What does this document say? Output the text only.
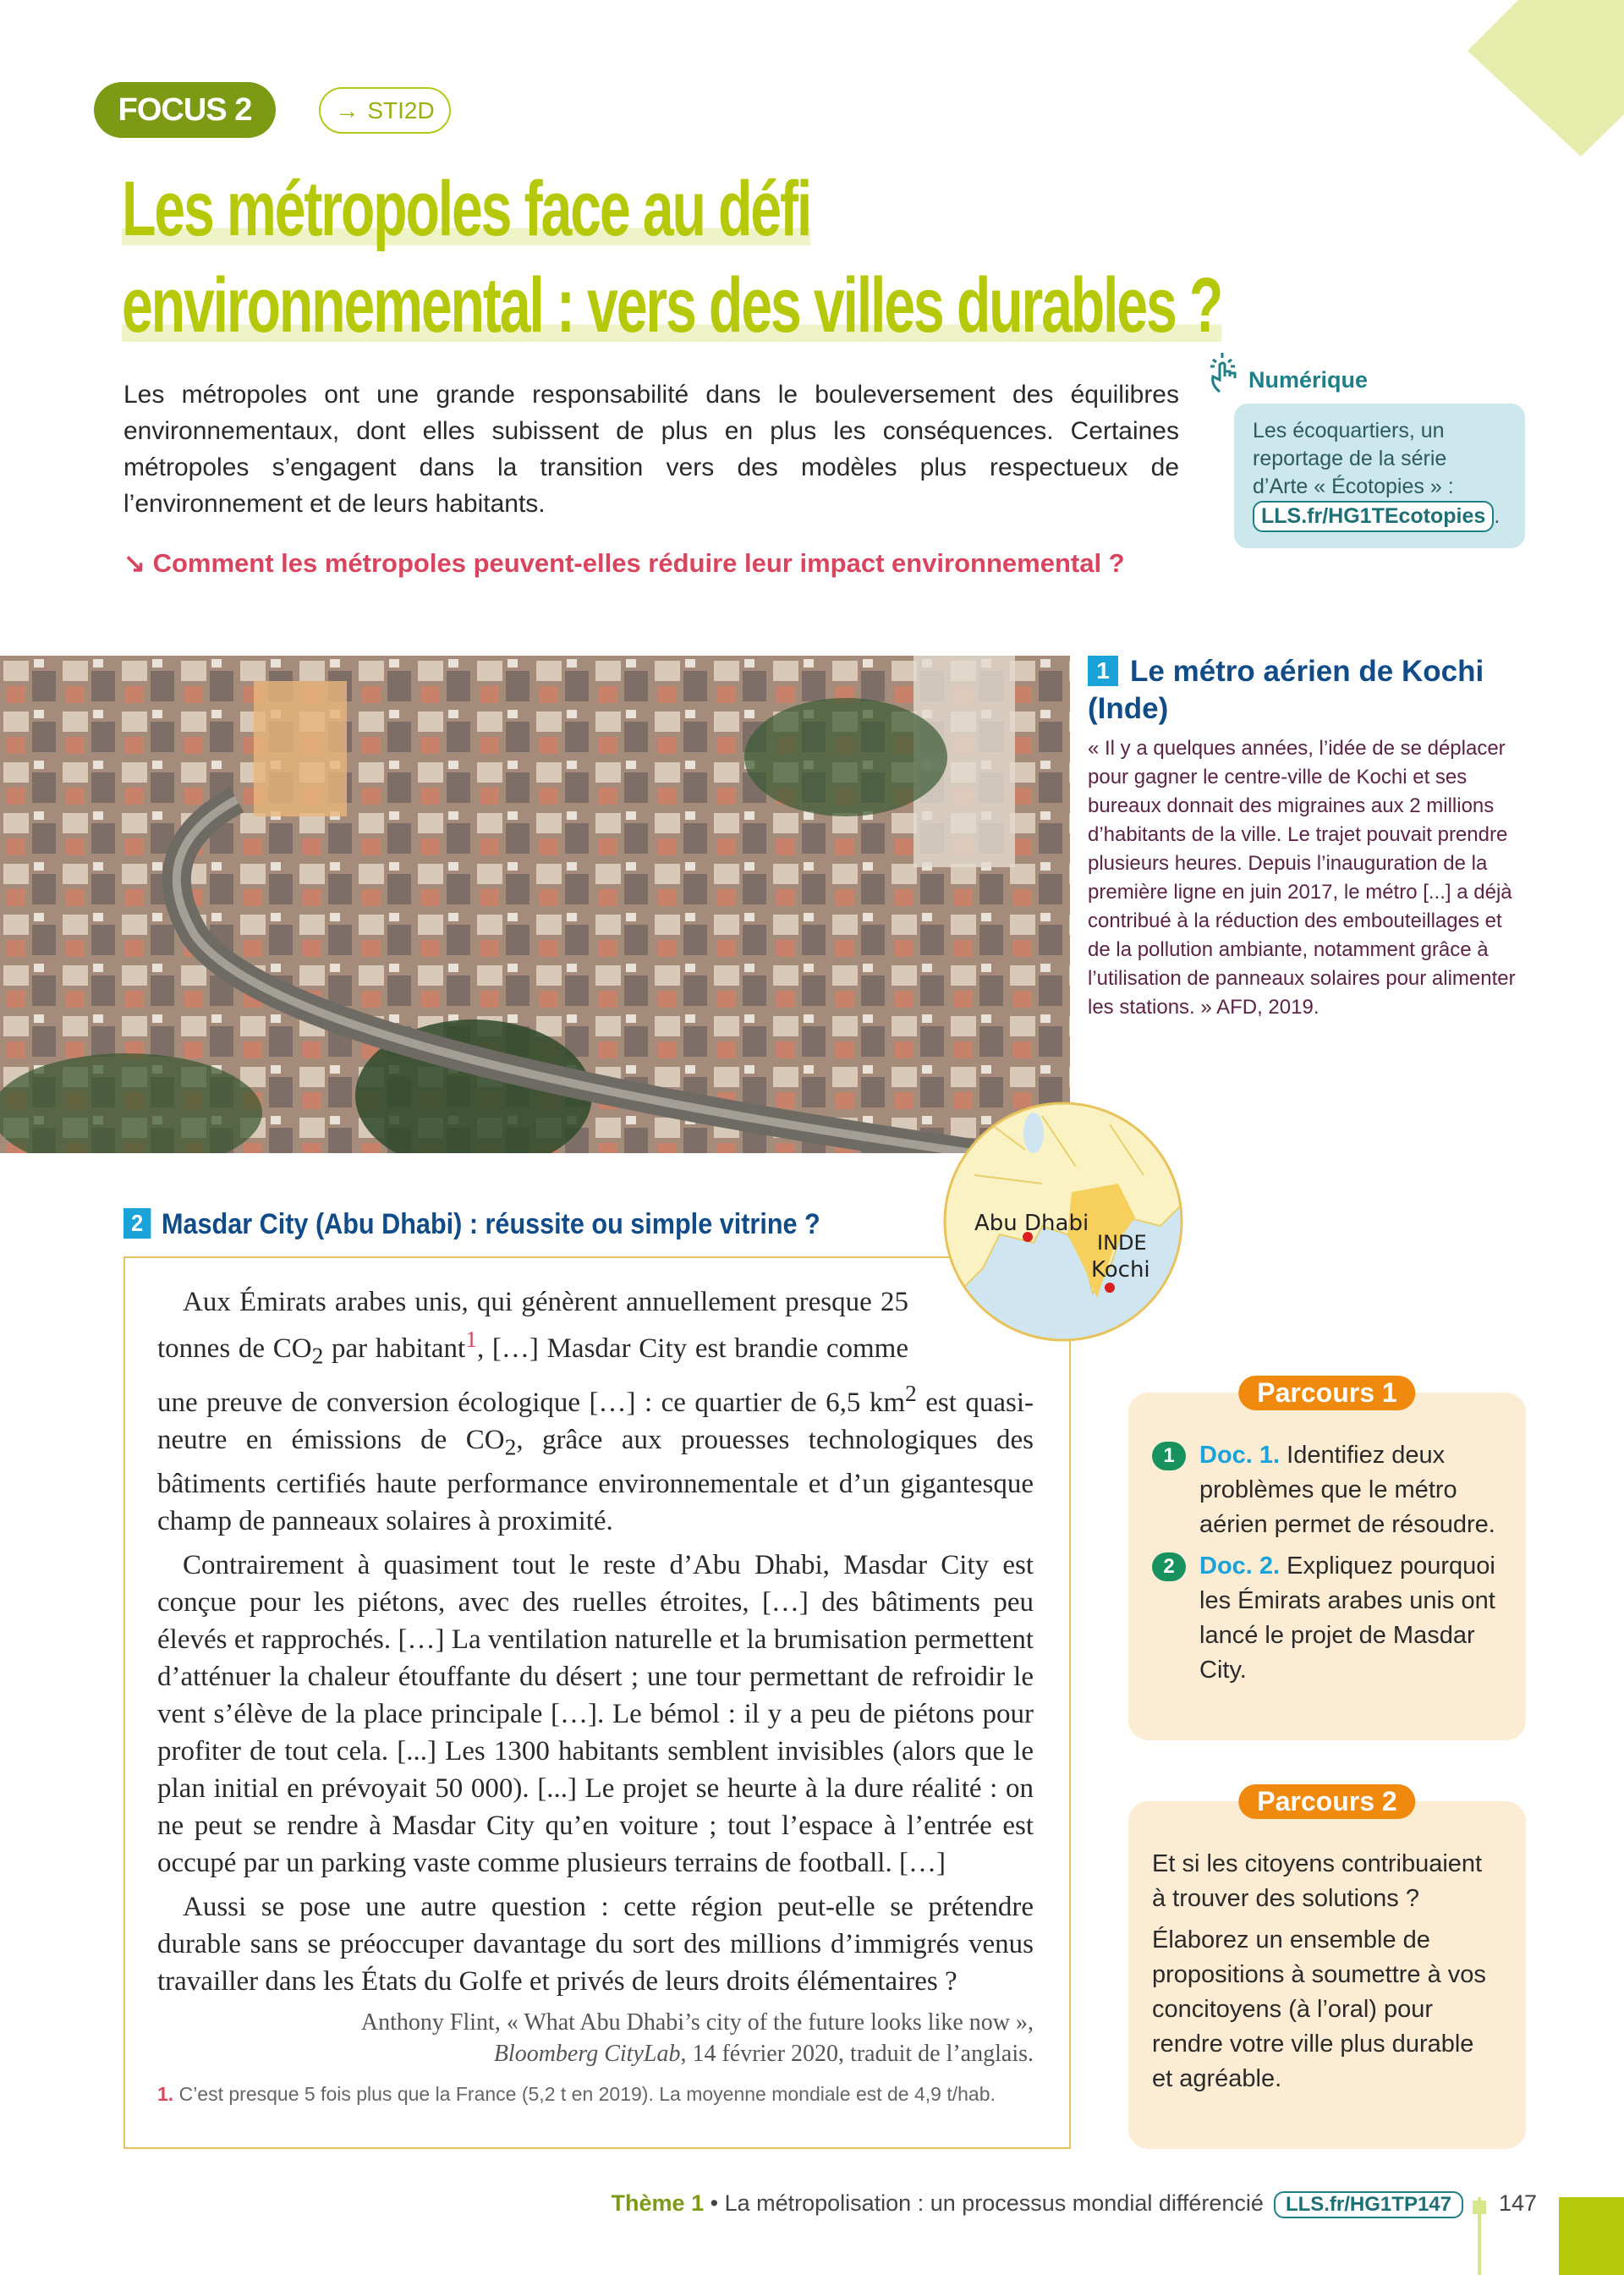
FOCUS 2	→ STI2D
Les métropoles face au défi
environnemental : vers des villes durables ?
Les métropoles ont une grande responsabilité dans le bouleversement des équilibres environnementaux, dont elles subissent de plus en plus les conséquences. Certaines métropoles s’engagent dans la transition vers des modèles plus respectueux de l’environnement et de leurs habitants.
↘ Comment les métropoles peuvent-elles réduire leur impact environnemental ?
Numérique
Les écoquartiers, un reportage de la série d’Arte « Écotopies » :
LLS.fr/HG1TEcotopies .
1 Le métro aérien de Kochi (Inde)
« Il y a quelques années, l’idée de se déplacer pour gagner le centre-ville de Kochi et ses bureaux donnait des migraines aux 2 millions d’habitants de la ville. Le trajet pouvait prendre plusieurs heures. Depuis l’inauguration de la première ligne en juin 2017, le métro [...] a déjà contribué à la réduction des embouteillages et de la pollution ambiante, notamment grâce à l’utilisation de panneaux solaires pour alimenter les stations. » AFD, 2019.
2 Masdar City (Abu Dhabi) : réussite ou simple vitrine ?

Aux Émirats arabes unis, qui génèrent annuellement presque 25 tonnes de $CO_2$ par habitant$^1$, […] Masdar City est brandie comme une preuve de conversion écologique […] : ce quartier de 6,5 $km^2$ est quasi-neutre en émissions de $CO_2$, grâce aux prouesses technologiques des bâtiments certifiés haute performance environnementale et d’un gigantesque champ de panneaux solaires à proximité.

Contrairement à quasiment tout le reste d’Abu Dhabi, Masdar City est conçue pour les piétons, avec des ruelles étroites, […] des bâtiments peu élevés et rapprochés. […] La ventilation naturelle et la brumisation permettent d’atténuer la chaleur étouffante du désert ; une tour permettant de refroidir le vent s’élève de la place principale […]. Le bémol : il y a peu de piétons pour profiter de tout cela. [...] Les 1300 habitants semblent invisibles (alors que le plan initial en prévoyait 50 000). [...] Le projet se heurte à la dure réalité : on ne peut se rendre à Masdar City qu’en voiture ; tout l’espace à l’entrée est occupé par un parking vaste comme plusieurs terrains de football. […]

Aussi se pose une autre question : cette région peut-elle se prétendre durable sans se préoccuper davantage du sort des millions d’immigrés venus travailler dans les États du Golfe et privés de leurs droits élémentaires ?

Anthony Flint, « What Abu Dhabi’s city of the future looks like now »,
Bloomberg CityLab, 14 février 2020, traduit de l’anglais.

1. C’est presque 5 fois plus que la France (5,2 t en 2019). La moyenne mondiale est de 4,9 t/hab.

Abu Dhabi
INDE
Kochi
Parcours 1
1	Doc. 1. Identifiez deux problèmes que le métro aérien permet de résoudre.
2	Doc. 2. Expliquez pourquoi les Émirats arabes unis ont lancé le projet de Masdar City.
Parcours 2

Et si les citoyens contribuaient à trouver des solutions ?

Élaborez un ensemble de propositions à soumettre à vos concitoyens (à l’oral) pour rendre votre ville plus durable et agréable.

Thème 1 • La métropolisation : un processus mondial différencié LLS.fr/HG1TP147	147
